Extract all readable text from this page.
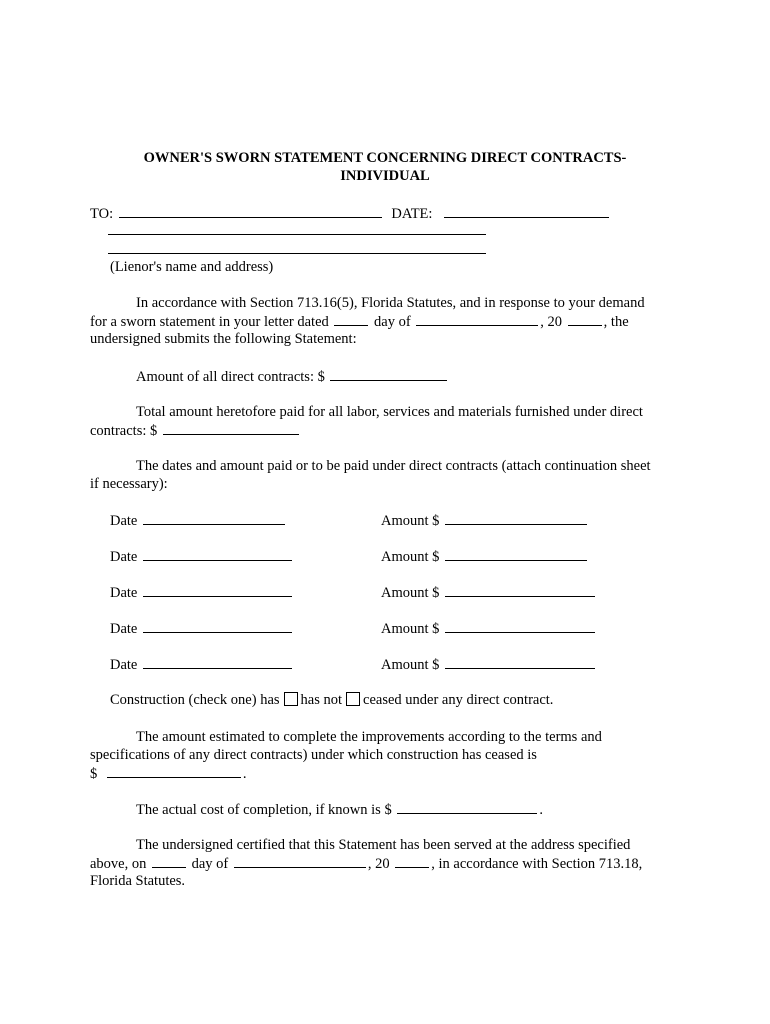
OWNER'S SWORN STATEMENT CONCERNING DIRECT CONTRACTS-
INDIVIDUAL
TO:	DATE:
(Lienor's name and address)
In accordance with Section 713.16(5), Florida Statutes, and in response to your demand
for a sworn statement in your letter dated	day of	, 20	, the
undersigned submits the following Statement:
Amount of all direct contracts: $
Total amount heretofore paid for all labor, services and materials furnished under direct
contracts: $
The dates and amount paid or to be paid under direct contracts (attach continuation sheet
if necessary):
Date	Amount $
Date	Amount $
Date	Amount $
Date	Amount $
Date	Amount $
Construction (check one) has has not ceased under any direct contract.
The amount estimated to complete the improvements according to the terms and
specifications of any direct contracts) under which construction has ceased is
$	.
The actual cost of completion, if known is $	.
The undersigned certified that this Statement has been served at the address specified
above, on	day of	, 20	, in accordance with Section 713.18,
Florida Statutes.
